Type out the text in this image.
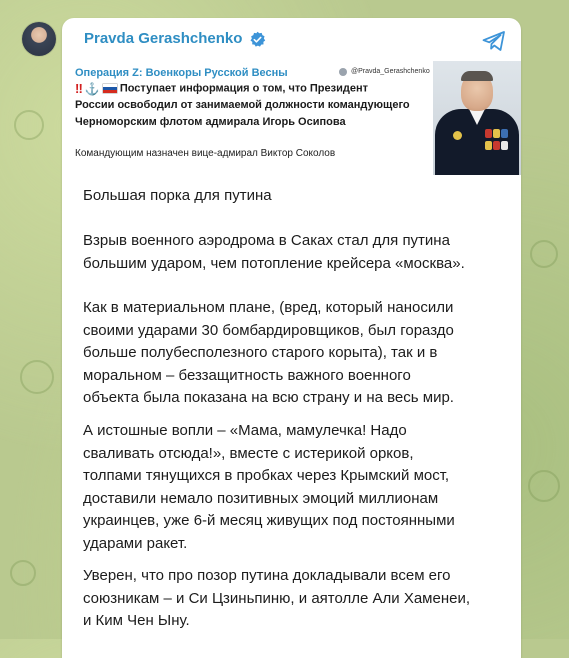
Pravda Gerashchenko
Операция Z: Военкоры Русской Весны	@Pravda_Gerashchenko
‼ ⚓ Поступает информация о том, что Президент
России освободил от занимаемой должности командующего
Черноморским флотом адмирала Игорь Осипова
Командующим назначен вице-адмирал Виктор Соколов
Большая порка для путина
Взрыв военного аэродрома в Саках стал для путина
большим ударом, чем потопление крейсера «москва».
Как в материальном плане, (вред, который наносили
своими ударами 30 бомбардировщиков, был гораздо
больше полубесполезного старого корыта), так и в
моральном – беззащитность важного военного
объекта была показана на всю страну и на весь мир.
А истошные вопли – «Мама, мамулечка! Надо
сваливать отсюда!», вместе с истерикой орков,
толпами тянущихся в пробках через Крымский мост,
доставили немало позитивных эмоций миллионам
украинцев, уже 6-й месяц живущих под постоянными
ударами ракет.
Уверен, что про позор путина докладывали всем его
союзникам – и Си Цзиньпиню, и аятолле Али Хаменеи,
и Ким Чен Ыну.
